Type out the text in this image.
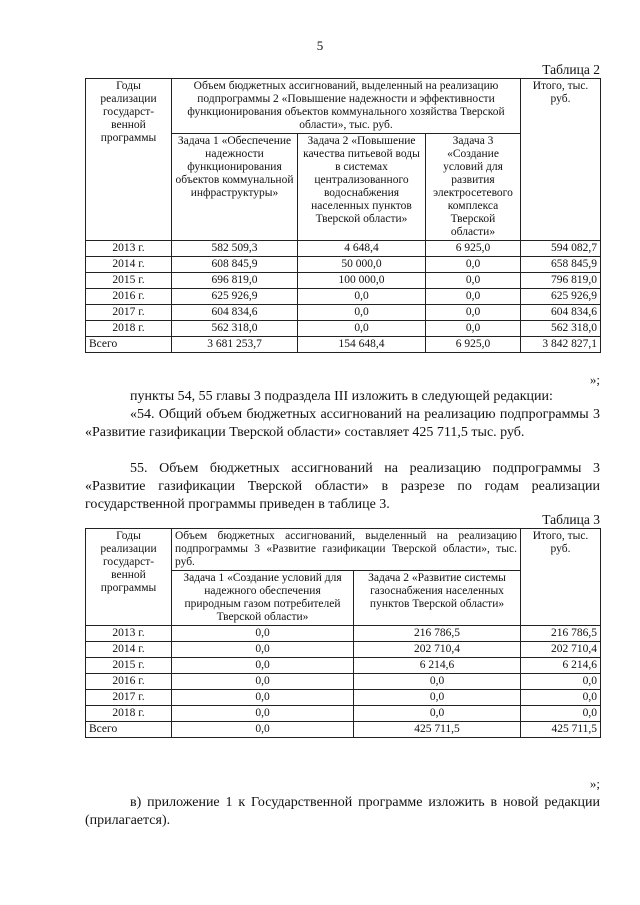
5
Таблица 2
Годы реализации государст-венной программы	Объем бюджетных ассигнований, выделенный на реализацию подпрограммы 2 «Повышение надежности и эффективности функционирования объектов коммунального хозяйства Тверской области», тыс. руб.			Итого, тыс. руб.
	Задача 1 «Обеспечение надежности функционирования объектов коммунальной инфраструктуры»	Задача 2 «Повышение качества питьевой воды в системах централизованного водоснабжения населенных пунктов Тверской области»	Задача 3 «Создание условий для развития электросетевого комплекса Тверской области»	
2013 г.	582 509,3	4 648,4	6 925,0	594 082,7
2014 г.	608 845,9	50 000,0	0,0	658 845,9
2015 г.	696 819,0	100 000,0	0,0	796 819,0
2016 г.	625 926,9	0,0	0,0	625 926,9
2017 г.	604 834,6	0,0	0,0	604 834,6
2018 г.	562 318,0	0,0	0,0	562 318,0
Всего	3 681 253,7	154 648,4	6 925,0	3 842 827,1
»;
пункты 54, 55 главы 3 подраздела III изложить в следующей редакции:
«54. Общий объем бюджетных ассигнований на реализацию подпрограммы 3 «Развитие газификации Тверской области» составляет 425 711,5 тыс. руб.
55. Объем бюджетных ассигнований на реализацию подпрограммы 3 «Развитие газификации Тверской области» в разрезе по годам реализации государственной программы приведен в таблице 3.
Таблица 3
Годы реализации государст-венной программы	Объем бюджетных ассигнований, выделенный на реализацию подпрограммы 3 «Развитие газификации Тверской области», тыс. руб.		Итого, тыс. руб.
	Задача 1 «Создание условий для надежного обеспечения природным газом потребителей Тверской области»	Задача 2 «Развитие системы газоснабжения населенных пунктов Тверской области»	
2013 г.	0,0	216 786,5	216 786,5
2014 г.	0,0	202 710,4	202 710,4
2015 г.	0,0	6 214,6	6 214,6
2016 г.	0,0	0,0	0,0
2017 г.	0,0	0,0	0,0
2018 г.	0,0	0,0	0,0
Всего	0,0	425 711,5	425 711,5
»;
в) приложение 1 к Государственной программе изложить в новой редакции (прилагается).
